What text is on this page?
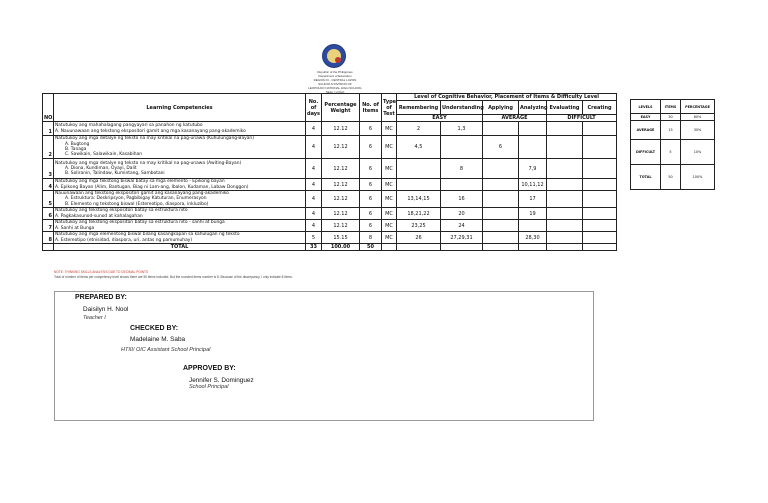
Republic of the Philippines
Department of Education
REGION III - CENTRAL LUZON
SCHOOLS DIVISION OF
LEOPOLDO NATIONAL HIGH SCHOOL
SEAL | LOGO
NO.	Learning Competencies	No. of days	Percentage Weight	No. of Items	Type of Test	Level of Cognitive Behavior, Placement of Items & Difficulty Level					
						Remembering	Understanding	Applying	Analyzing	Evaluating	Creating
						EASY		AVERAGE		DIFFICULT	
1	Natutukoy ang mahahalagang pangyayari sa panahon ng katutubo
A. Nauunawaan ang tekstong ekspositori gamit ang mga kasanayang pang-akademiko	4	12.12	6	MC	2	1,3				
2	Natutukoy ang mga detalye ng teksto na may kritikal na pag-unawa (Kuhulungang-Bayan)
A. Bugtong
B. Tanaga
C. Sawikain, Salawikain, Kasabihan	4	12.12	6	MC	4,5		6			
3	Natutukoy ang mga detalye ng teksto na may kritikal na pag-unawa (Awiting-Bayan)
A. Diona, Kundiman, Oyayi, Dalit
B. Soliranin, Talindaw, Kumintang, Sambotani	4	12.12	6	MC		8		7,9		
4	Natutukoy ang mga tekstong biswal batay sa mga elemento - Epikong bayan
A. Epikong Bayan (Alim, Bantugan, Biag ni Lam-ang, Ibalon, Kudaman, Labaw Donggon)	4	12.12	6	MC				10,11,12		
5	Nauunawaan ang tekstong ekspositori gamit ang kasanayang pang-akademiko
A. Estruktura: Deskripsyon, Pagbibigay Katuturan, Enumerasyon
B. Elemento ng tekstong biswal (Estereotipo, diaspora, inkluzibo)	4	12.12	6	MC	13,14,15	16		17		
6	Natutukoy ang tekstong ekspositori batay sa estruktura nito
A. Pagkakasunod-sunod at kahalagahan	4	12.12	6	MC	18,21,22	20		19		
7	Natutukoy ang tekstong ekspositori batay sa estruktura nito - sanhi at bunga
A. Sanhi at Bunga	4	12.12	6	MC	23,25	24				
8	Natutukoy ang mga elementong biswal bilang kasangkapan sa kahulugan ng teksto
A. Estereotipo (etnisidad, diaspora, uri, antas ng pamumuhay)	5	15.15	8	MC	26	27,29,31		28,30		
	TOTAL	33	100.00	50							
LEVELS	ITEMS	PERCENTAGE
EASY	30	60%
AVERAGE	15	30%
DIFFICULT	5	10%
TOTAL	50	100%
NOTE: THINKING SKILLS ANALYSIS DUE TO DECIMAL POINTS
Total of number of items per competency level shows there are 50 items included. But the rounded items number is 8. Because of the discrepancy, I only indicate 8 items.
PREPARED BY:
Daisilyn H. Nool
Teacher I
CHECKED BY:
Madelaine M. Saba
HTIII/ OIC Assistant School Principal
APPROVED BY:
Jennifer S. Dominguez
School Principal
